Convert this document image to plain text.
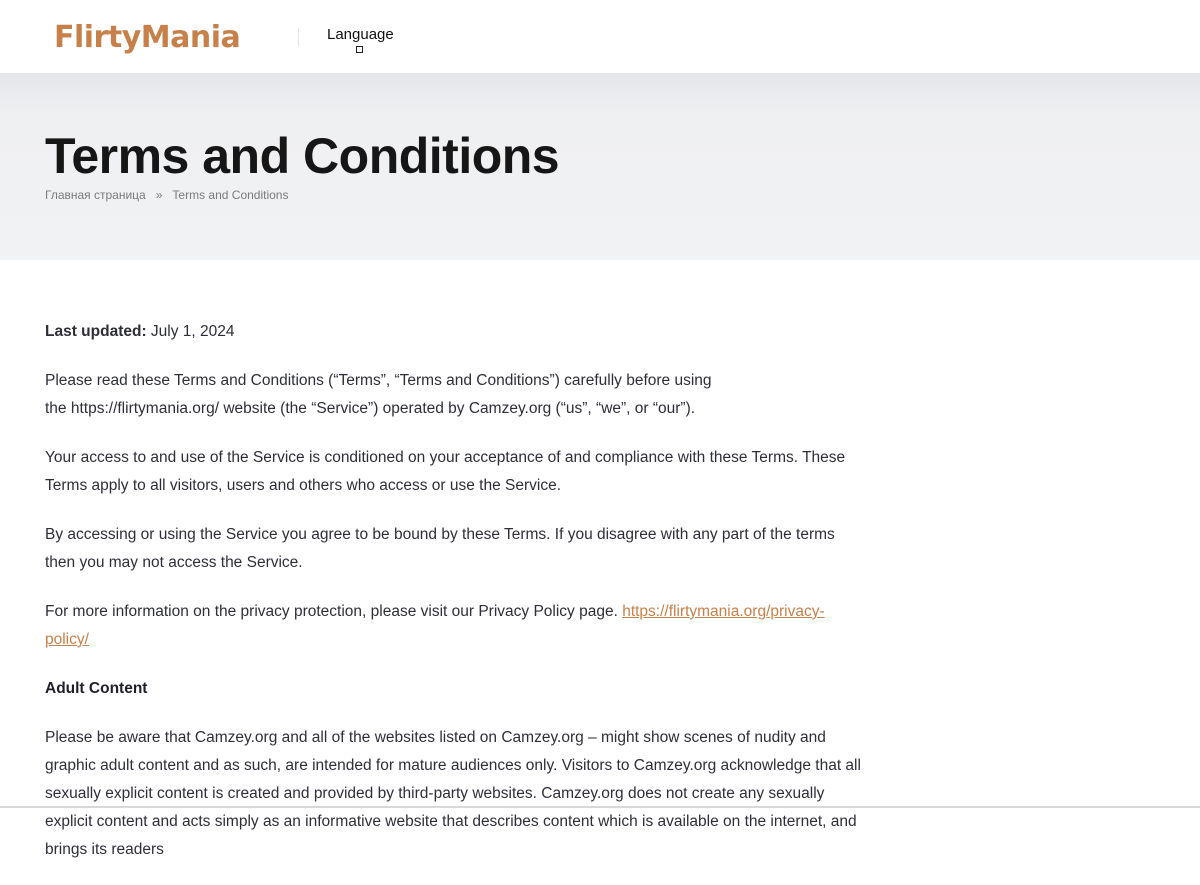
FlirtyMania	Language
Terms and Conditions
Главная страница » Terms and Conditions

Last updated: July 1, 2024

Please read these Terms and Conditions (“Terms”, “Terms and Conditions”) carefully before using
the https://flirtymania.org/ website (the “Service”) operated by Camzey.org (“us”, “we”, or “our”).

Your access to and use of the Service is conditioned on your acceptance of and compliance with these Terms. These Terms apply to all visitors, users and others who access or use the Service.

By accessing or using the Service you agree to be bound by these Terms. If you disagree with any part of the terms then you may not access the Service.

For more information on the privacy protection, please visit our Privacy Policy page. https://flirtymania.org/privacy-policy/

Adult Content

Please be aware that Camzey.org and all of the websites listed on Camzey.org – might show scenes of nudity and graphic adult content and as such, are intended for mature audiences only. Visitors to Camzey.org acknowledge that all sexually explicit content is created and provided by third-party websites. Camzey.org does not create any sexually explicit content and acts simply as an informative website that describes content which is available on the internet, and brings its readers
